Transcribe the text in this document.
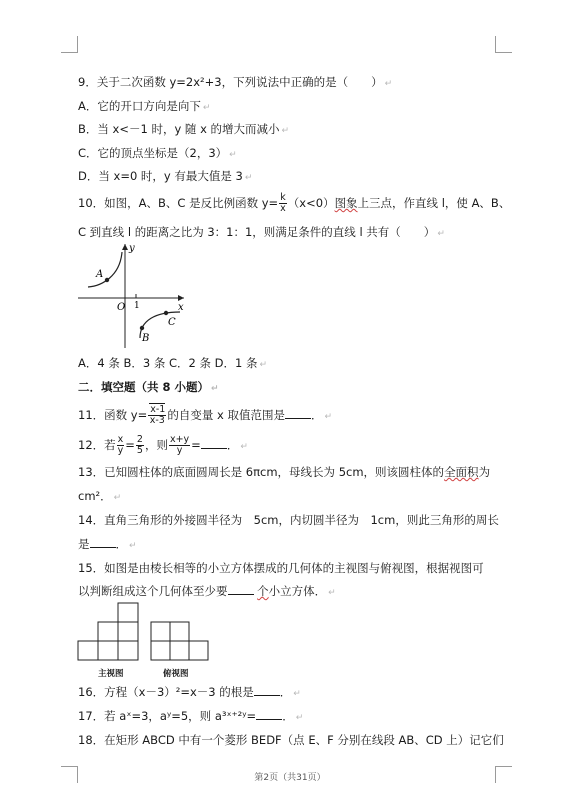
9．关于二次函数 y=2x²+3，下列说法中正确的是（　　） ↵
A．它的开口方向是向下 ↵
B．当 x<－1 时，y 随 x 的增大而减小 ↵
C．它的顶点坐标是（2，3） ↵
D．当 x=0 时，y 有最大值是 3 ↵
10．如图，A、B、C 是反比例函数 $y= \frac{k}{x} (x<0)$图象上三点，作直线 l，使 A、B、
C 到直线 l 的距离之比为 3：1：1，则满足条件的直线 l 共有（　　） ↵
y
x
O 1
A
B
C
A．4 条 B．3 条 C．2 条 D．1 条 ↵
二．填空题（共 8 小题） ↵
11．函数 $y= \frac{x-1}{x-3}$ 的自变量 x 取值范围是 ． ↵
12．若 $\frac{x}{y} = \frac{2}{5}$ ，则 $\frac{x+y}{y}$ = ． ↵
13．已知圆柱体的底面圆周长是 6πcm，母线长为 5cm，则该圆柱体的全面积为
cm²． ↵
14．直角三角形的外接圆半径为　5cm，内切圆半径为　1cm，则此三角形的周长
是 ． ↵
15．如图是由棱长相等的小立方体摆成的几何体的主视图与俯视图，根据视图可
以判断组成这个几何体至少要	个小立方体． ↵
主视图	俯视图
16．方程（x－3）²=x－3 的根是 ． ↵
17．若 aˣ=3，aʸ=5，则 a³ˣ⁺²ʸ= ． ↵
18．在矩形 ABCD 中有一个菱形 BEDF（点 E、F 分别在线段 AB、CD 上）记它们
第2页（共31页）
